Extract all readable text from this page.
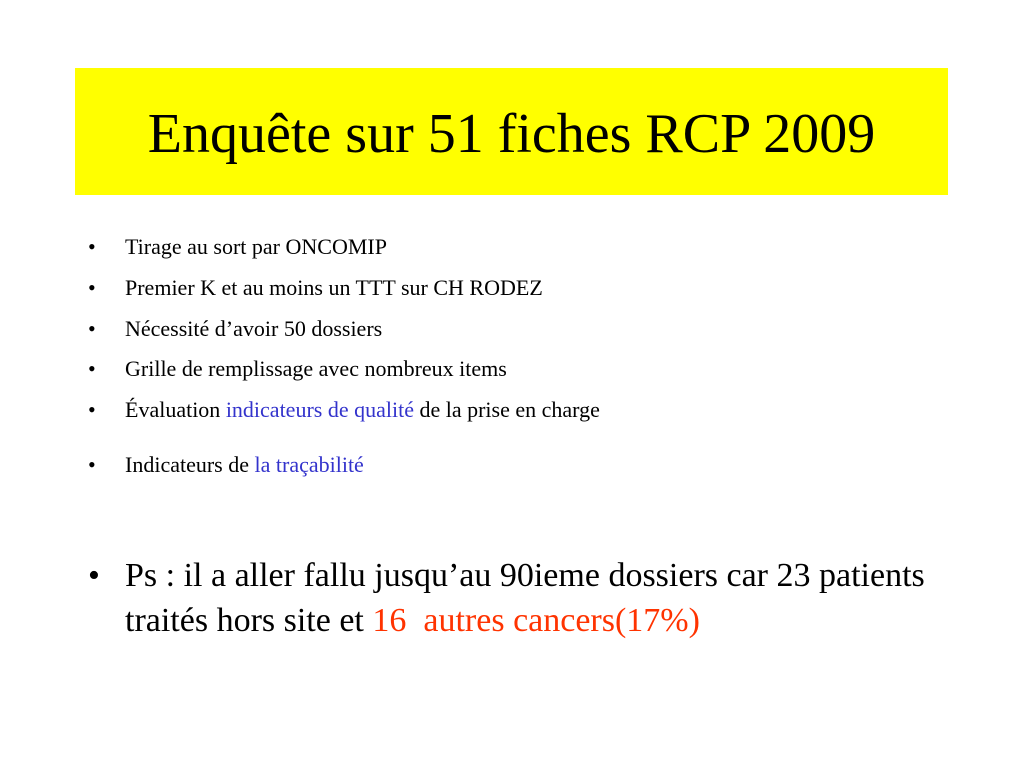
Enquête sur 51 fiches RCP 2009
• Tirage au sort par ONCOMIP
• Premier K et au moins un TTT sur CH RODEZ
• Nécessité d’avoir 50 dossiers
• Grille de remplissage avec nombreux items
• Évaluation indicateurs de qualité de la prise en charge
• Indicateurs de la traçabilité
• Ps : il a aller fallu jusqu’au 90ieme dossiers car 23 patients traités hors site et 16 autres cancers(17%)
